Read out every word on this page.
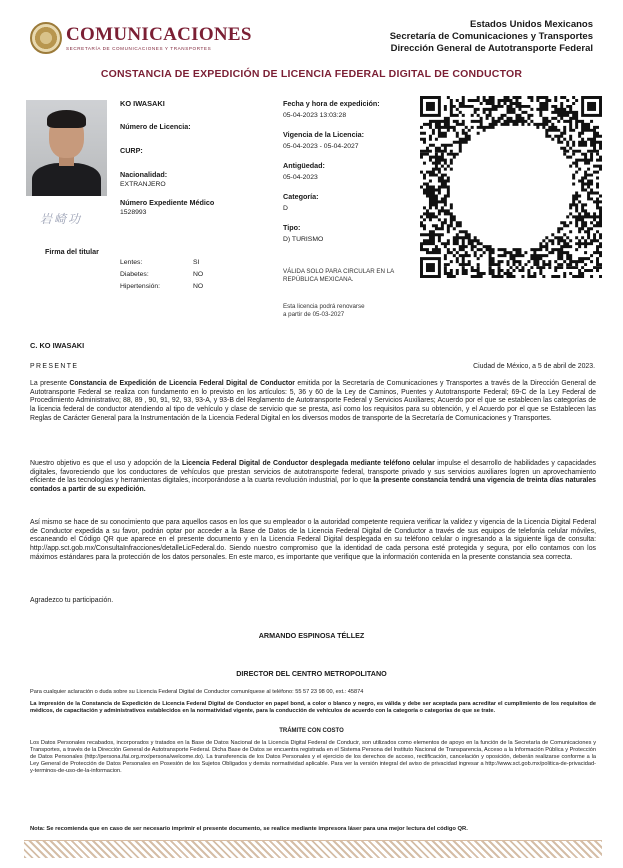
COMUNICACIONES
SECRETARÍA DE COMUNICACIONES Y TRANSPORTES
Estados Unidos Mexicanos
Secretaría de Comunicaciones y Transportes
Dirección General de Autotransporte Federal
CONSTANCIA DE EXPEDICIÓN DE LICENCIA FEDERAL DIGITAL DE CONDUCTOR
岩崎功
Firma del titular
KO IWASAKI
Número de Licencia:
CURP:
Nacionalidad:
EXTRANJERO
Número Expediente Médico
1528993
Lentes:	SI
Diabetes:	NO
Hipertensión:	NO
Fecha y hora de expedición:
05-04-2023 13:03:28
Vigencia de la Licencia:
05-04-2023 - 05-04-2027
Antigüedad:
05-04-2023
Categoría:
D
Tipo:
D) TURISMO
VÁLIDA SOLO PARA CIRCULAR EN LA REPÚBLICA MEXICANA.
Esta licencia podrá renovarse
a partir de 05-03-2027
C. KO IWASAKI
PRESENTE	Ciudad de México, a 5 de abril de 2023.
La presente Constancia de Expedición de Licencia Federal Digital de Conductor emitida por la Secretaría de Comunicaciones y Transportes a través de la Dirección General de Autotransporte Federal se realiza con fundamento en lo previsto en los artículos: 5, 36 y 60 de la Ley de Caminos, Puentes y Autotransporte Federal; 69-C de la Ley Federal de Procedimiento Administrativo; 88, 89 , 90, 91, 92, 93, 93-A, y 93-B del Reglamento de Autotransporte Federal y Servicios Auxiliares; Acuerdo por el que se establecen las categorías de la licencia federal de conductor atendiendo al tipo de vehículo y clase de servicio que se presta, así como los requisitos para su obtención, y el Acuerdo por el que se Establecen las Reglas de Carácter General para la Instrumentación de la Licencia Federal Digital en los diversos modos de transporte de la Secretaría de Comunicaciones y Transportes.
Nuestro objetivo es que el uso y adopción de la Licencia Federal Digital de Conductor desplegada mediante teléfono celular impulse el desarrollo de habilidades y capacidades digitales, favoreciendo que los conductores de vehículos que prestan servicios de autotransporte federal, transporte privado y sus servicios auxiliares logren un aprovechamiento eficiente de las tecnologías y herramientas digitales, incorporándose a la cuarta revolución industrial, por lo que la presente constancia tendrá una vigencia de treinta días naturales contados a partir de su expedición.
Así mismo se hace de su conocimiento que para aquellos casos en los que su empleador o la autoridad competente requiera verificar la validez y vigencia de la Licencia Digital Federal de Conductor expedida a su favor, podrán optar por acceder a la Base de Datos de la Licencia Federal Digital de Conductor a través de sus equipos de telefonía celular móviles, escaneando el Código QR que aparece en el presente documento y en la Licencia Federal Digital desplegada en su teléfono celular o ingresando a la siguiente liga de consulta: http://app.sct.gob.mx/ConsultaInfracciones/detalleLicFederal.do. Siendo nuestro compromiso que la identidad de cada persona esté protegida y segura, por ello contamos con los máximos estándares para la protección de los datos personales. En este marco, es importante que verifique que la información contenida en la presente constancia sea correcta.
Agradezco tu participación.
ARMANDO ESPINOSA TÉLLEZ
DIRECTOR DEL CENTRO METROPOLITANO
Para cualquier aclaración o duda sobre su Licencia Federal Digital de Conductor comuníquese al teléfono: 55 57 23 98 00, ext.: 45874
La impresión de la Constancia de Expedición de Licencia Federal Digital de Conductor en papel bond, a color o blanco y negro, es válida y debe ser aceptada para acreditar el cumplimiento de los requisitos de médicos, de capacitación y administrativos establecidos en la normatividad vigente, para la conducción de vehículos de acuerdo con la categoría o categorías de que se trate.
TRÁMITE CON COSTO
Los Datos Personales recabados, incorporados y tratados en la Base de Datos Nacional de la Licencia Digital Federal de Conducir, son utilizados como elementos de apoyo en la función de la Secretaría de Comunicaciones y Transportes, a través de la Dirección General de Autotransporte Federal. Dicha Base de Datos se encuentra registrada en el Sistema Persona del Instituto Nacional de Transparencia, Acceso a la Información Pública y Protección de Datos Personales (http://persona.ifai.org.mx/persona/welcome.do). La transferencia de los Datos Personales y el ejercicio de los derechos de acceso, rectificación, cancelación y oposición, deberán realizarse conforme a la Ley General de Protección de Datos Personales en Posesión de los Sujetos Obligados y demás normatividad aplicable. Para ver la versión integral del aviso de privacidad ingresar a http://www.sct.gob.mx/politica-de-privacidad-y-terminos-de-uso-de-la-informacion.
Nota: Se recomienda que en caso de ser necesario imprimir el presente documento, se realice mediante impresora láser para una mejor lectura del código QR.
